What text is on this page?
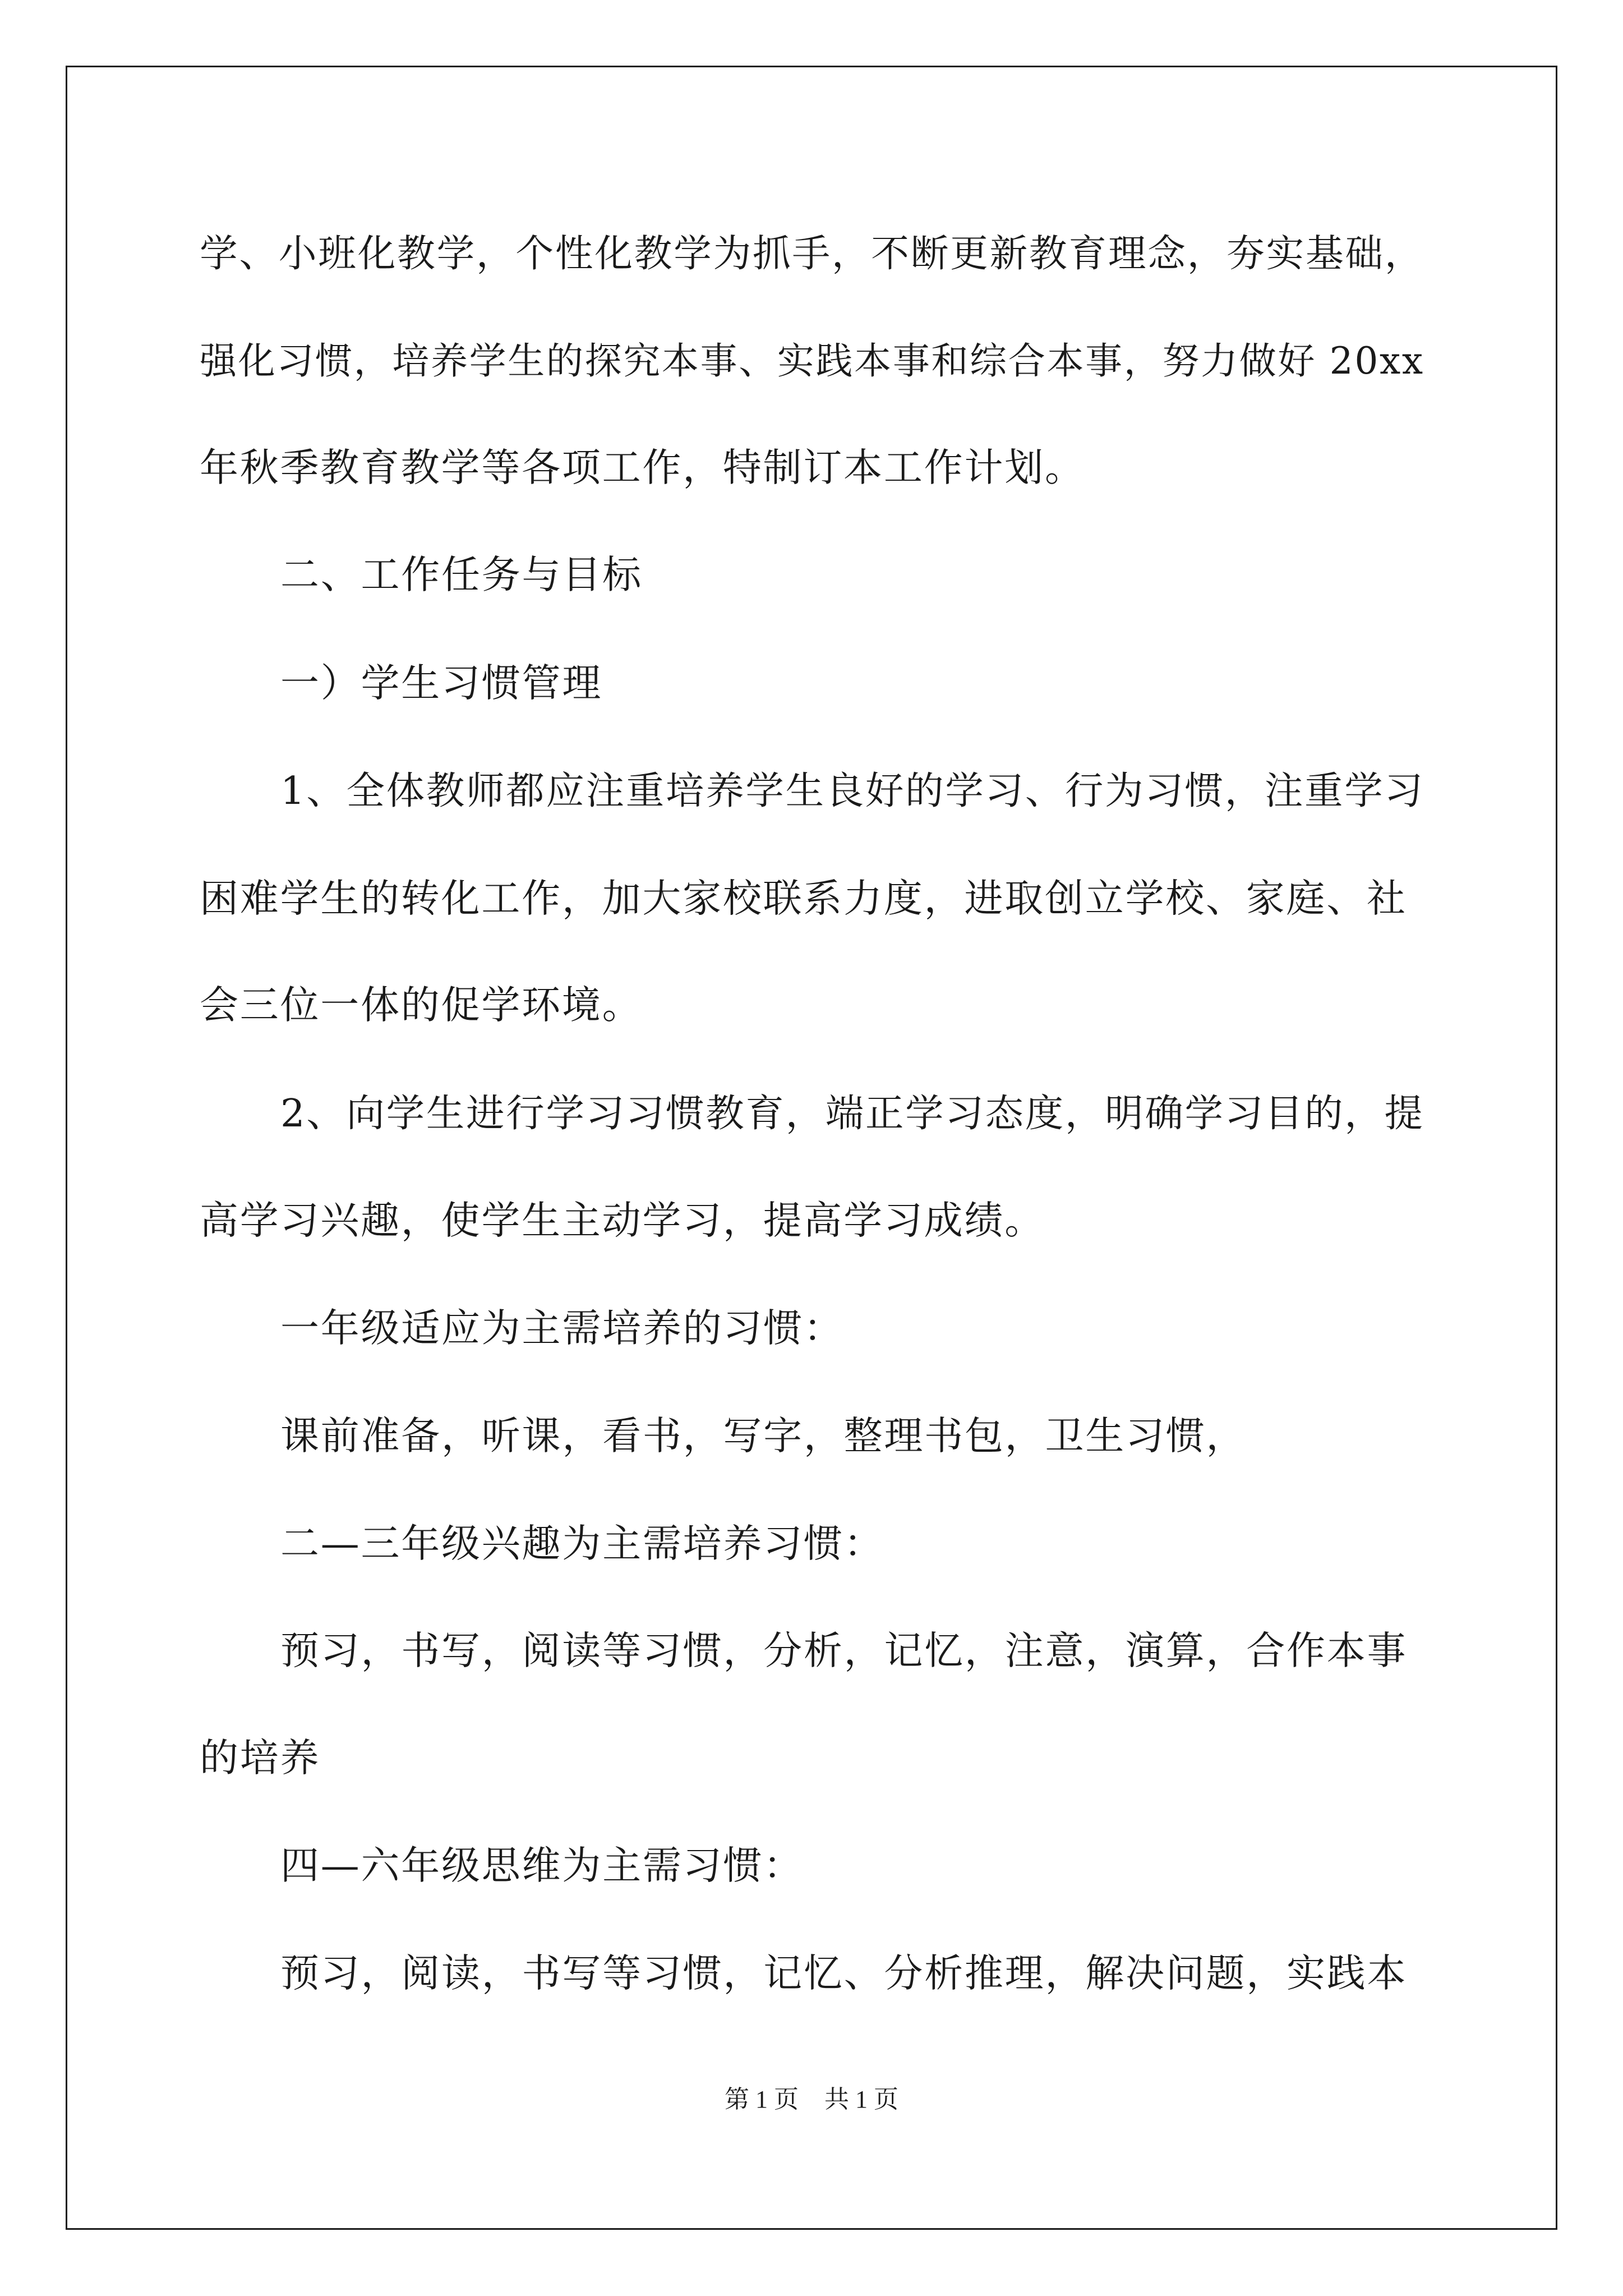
学、小班化教学，个性化教学为抓手，不断更新教育理念，夯实基础，

强化习惯，培养学生的探究本事、实践本事和综合本事，努力做好 20xx

年秋季教育教学等各项工作，特制订本工作计划。

二、工作任务与目标

一）学生习惯管理

1、全体教师都应注重培养学生良好的学习、行为习惯，注重学习

困难学生的转化工作，加大家校联系力度，进取创立学校、家庭、社

会三位一体的促学环境。

2、向学生进行学习习惯教育，端正学习态度，明确学习目的，提

高学习兴趣，使学生主动学习，提高学习成绩。

一年级适应为主需培养的习惯：

课前准备，听课，看书，写字，整理书包，卫生习惯，

二—三年级兴趣为主需培养习惯：

预习，书写，阅读等习惯，分析，记忆，注意，演算，合作本事

的培养

四—六年级思维为主需习惯：

预习，阅读，书写等习惯，记忆、分析推理，解决问题，实践本

第 1 页 共 1 页
